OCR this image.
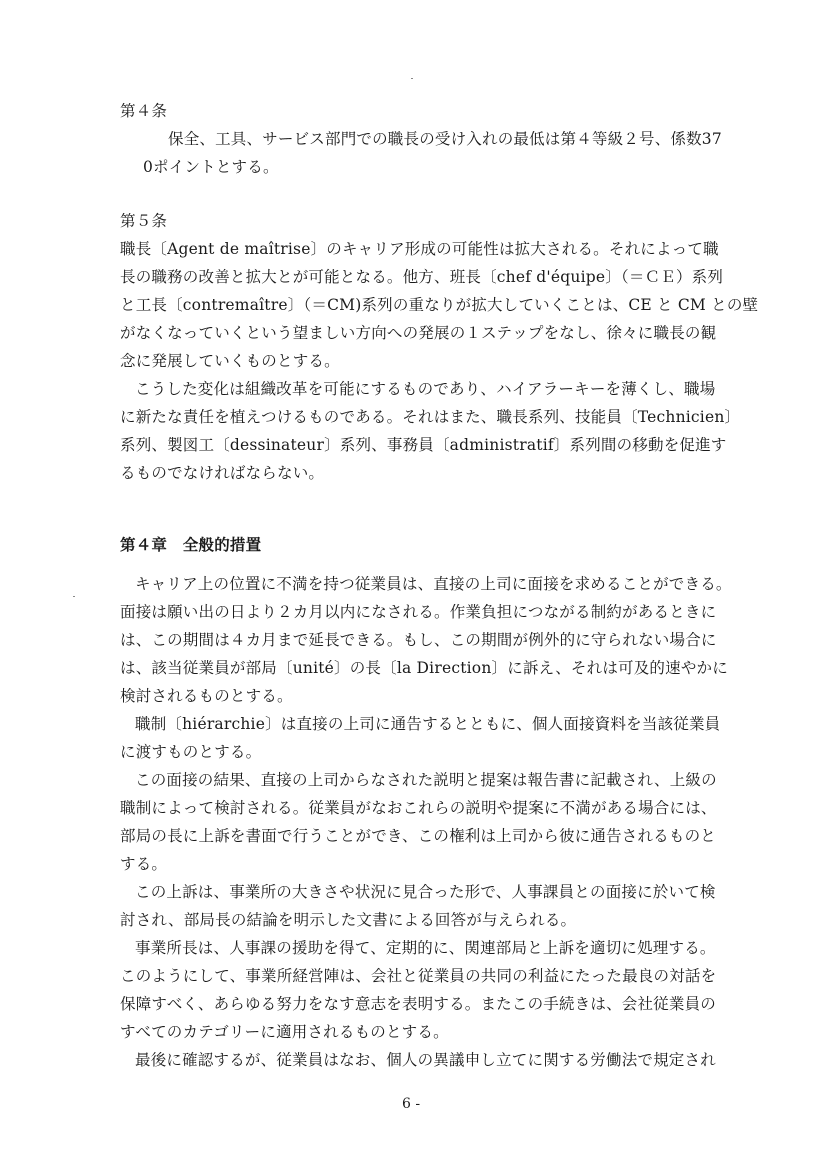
第４条
保全、工具、サービス部門での職長の受け入れの最低は第４等級２号、係数37
0ポイントとする。
第５条
職長〔Agent de maîtrise〕のキャリア形成の可能性は拡大される。それによって職
長の職務の改善と拡大とが可能となる。他方、班長〔chef d'équipe〕（＝ＣＥ）系列
と工長〔contremaître〕（＝CM)系列の重なりが拡大していくことは、CE と CM との壁
がなくなっていくという望ましい方向への発展の１ステップをなし、徐々に職長の観
念に発展していくものとする。
こうした変化は組織改革を可能にするものであり、ハイアラーキーを薄くし、職場
に新たな責任を植えつけるものである。それはまた、職長系列、技能員〔Technicien〕
系列、製図工〔dessinateur〕系列、事務員〔administratif〕系列間の移動を促進す
るものでなければならない。
第４章　全般的措置
キャリア上の位置に不満を持つ従業員は、直接の上司に面接を求めることができる。
面接は願い出の日より２カ月以内になされる。作業負担につながる制約があるときに
は、この期間は４カ月まで延長できる。もし、この期間が例外的に守られない場合に
は、該当従業員が部局〔unité〕の長〔la Direction〕に訴え、それは可及的速やかに
検討されるものとする。
職制〔hiérarchie〕は直接の上司に通告するとともに、個人面接資料を当該従業員
に渡すものとする。
この面接の結果、直接の上司からなされた説明と提案は報告書に記載され、上級の
職制によって検討される。従業員がなおこれらの説明や提案に不満がある場合には、
部局の長に上訴を書面で行うことができ、この権利は上司から彼に通告されるものと
する。
この上訴は、事業所の大きさや状況に見合った形で、人事課員との面接に於いて検
討され、部局長の結論を明示した文書による回答が与えられる。
事業所長は、人事課の援助を得て、定期的に、関連部局と上訴を適切に処理する。
このようにして、事業所経営陣は、会社と従業員の共同の利益にたった最良の対話を
保障すべく、あらゆる努力をなす意志を表明する。またこの手続きは、会社従業員の
すべてのカテゴリーに適用されるものとする。
最後に確認するが、従業員はなお、個人の異議申し立てに関する労働法で規定され
6 -
